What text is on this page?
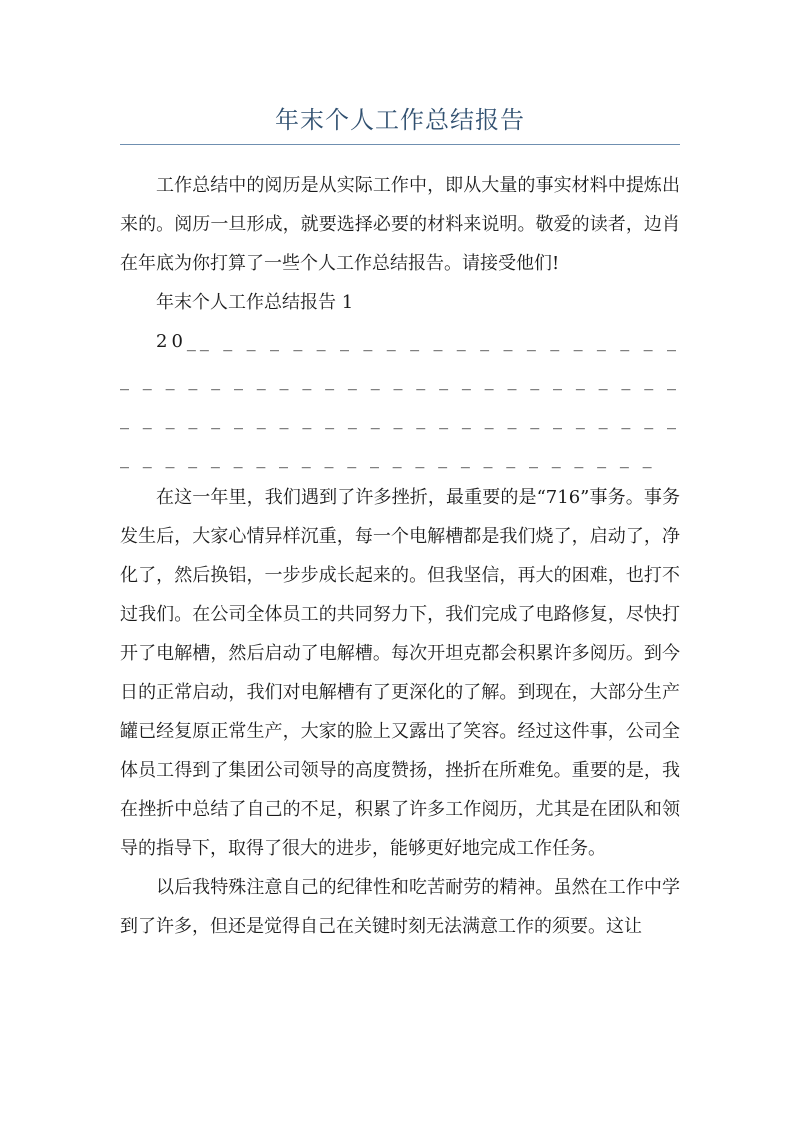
年末个人工作总结报告

工作总结中的阅历是从实际工作中，即从大量的事实材料中提炼出来的。阅历一旦形成，就要选择必要的材料来说明。敬爱的读者，边肖在年底为你打算了一些个人工作总结报告。请接受他们!

年末个人工作总结报告 1

20__ _ _ _ _ _ _ _ _ _ _ _ _ _ _ _ _ _ _ _ _ _ _ _ _ _ _ _ _ _ _ _ _ _ _ _ _ _ _ _ _ _ _ _ _ _ _ _ _ _ _ _ _ _ _ _ _ _ _ _ _ _ _ _ _ _ _ _ _ _ _ _ _ _ _ _ _ _ _ _ _ _ _ _ _ _ _ _ _ _ _ _ _ _ _

在这一年里，我们遇到了许多挫折，最重要的是“716”事务。事务发生后，大家心情异样沉重，每一个电解槽都是我们烧了，启动了，净化了，然后换铝，一步步成长起来的。但我坚信，再大的困难，也打不过我们。在公司全体员工的共同努力下，我们完成了电路修复，尽快打开了电解槽，然后启动了电解槽。每次开坦克都会积累许多阅历。到今日的正常启动，我们对电解槽有了更深化的了解。到现在，大部分生产罐已经复原正常生产，大家的脸上又露出了笑容。经过这件事，公司全体员工得到了集团公司领导的高度赞扬，挫折在所难免。重要的是，我在挫折中总结了自己的不足，积累了许多工作阅历，尤其是在团队和领导的指导下，取得了很大的进步，能够更好地完成工作任务。

以后我特殊注意自己的纪律性和吃苦耐劳的精神。虽然在工作中学到了许多，但还是觉得自己在关键时刻无法满意工作的须要。这让
